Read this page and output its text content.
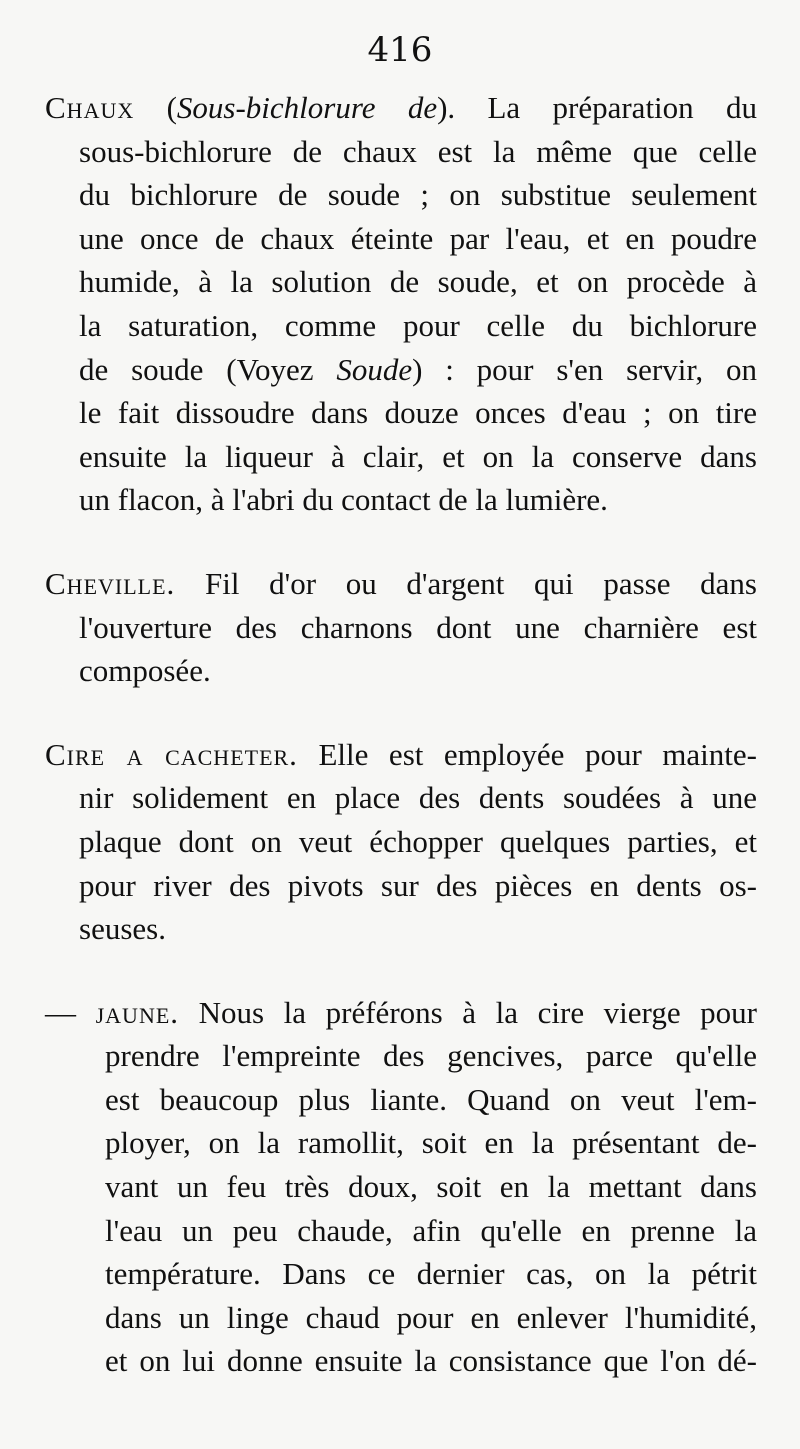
416
Chaux (Sous-bichlorure de). La préparation du
sous-bichlorure de chaux est la même que celle
du bichlorure de soude ; on substitue seulement
une once de chaux éteinte par l'eau, et en poudre
humide, à la solution de soude, et on procède à
la saturation, comme pour celle du bichlorure
de soude (Voyez Soude) : pour s'en servir, on
le fait dissoudre dans douze onces d'eau ; on tire
ensuite la liqueur à clair, et on la conserve dans
un flacon, à l'abri du contact de la lumière.
Cheville. Fil d'or ou d'argent qui passe dans
l'ouverture des charnons dont une charnière est
composée.
Cire a cacheter. Elle est employée pour mainte-
nir solidement en place des dents soudées à une
plaque dont on veut échopper quelques parties, et
pour river des pivots sur des pièces en dents os-
seuses.
— jaune. Nous la préférons à la cire vierge pour
prendre l'empreinte des gencives, parce qu'elle
est beaucoup plus liante. Quand on veut l'em-
ployer, on la ramollit, soit en la présentant de-
vant un feu très doux, soit en la mettant dans
l'eau un peu chaude, afin qu'elle en prenne la
température. Dans ce dernier cas, on la pétrit
dans un linge chaud pour en enlever l'humidité,
et on lui donne ensuite la consistance que l'on dé-
